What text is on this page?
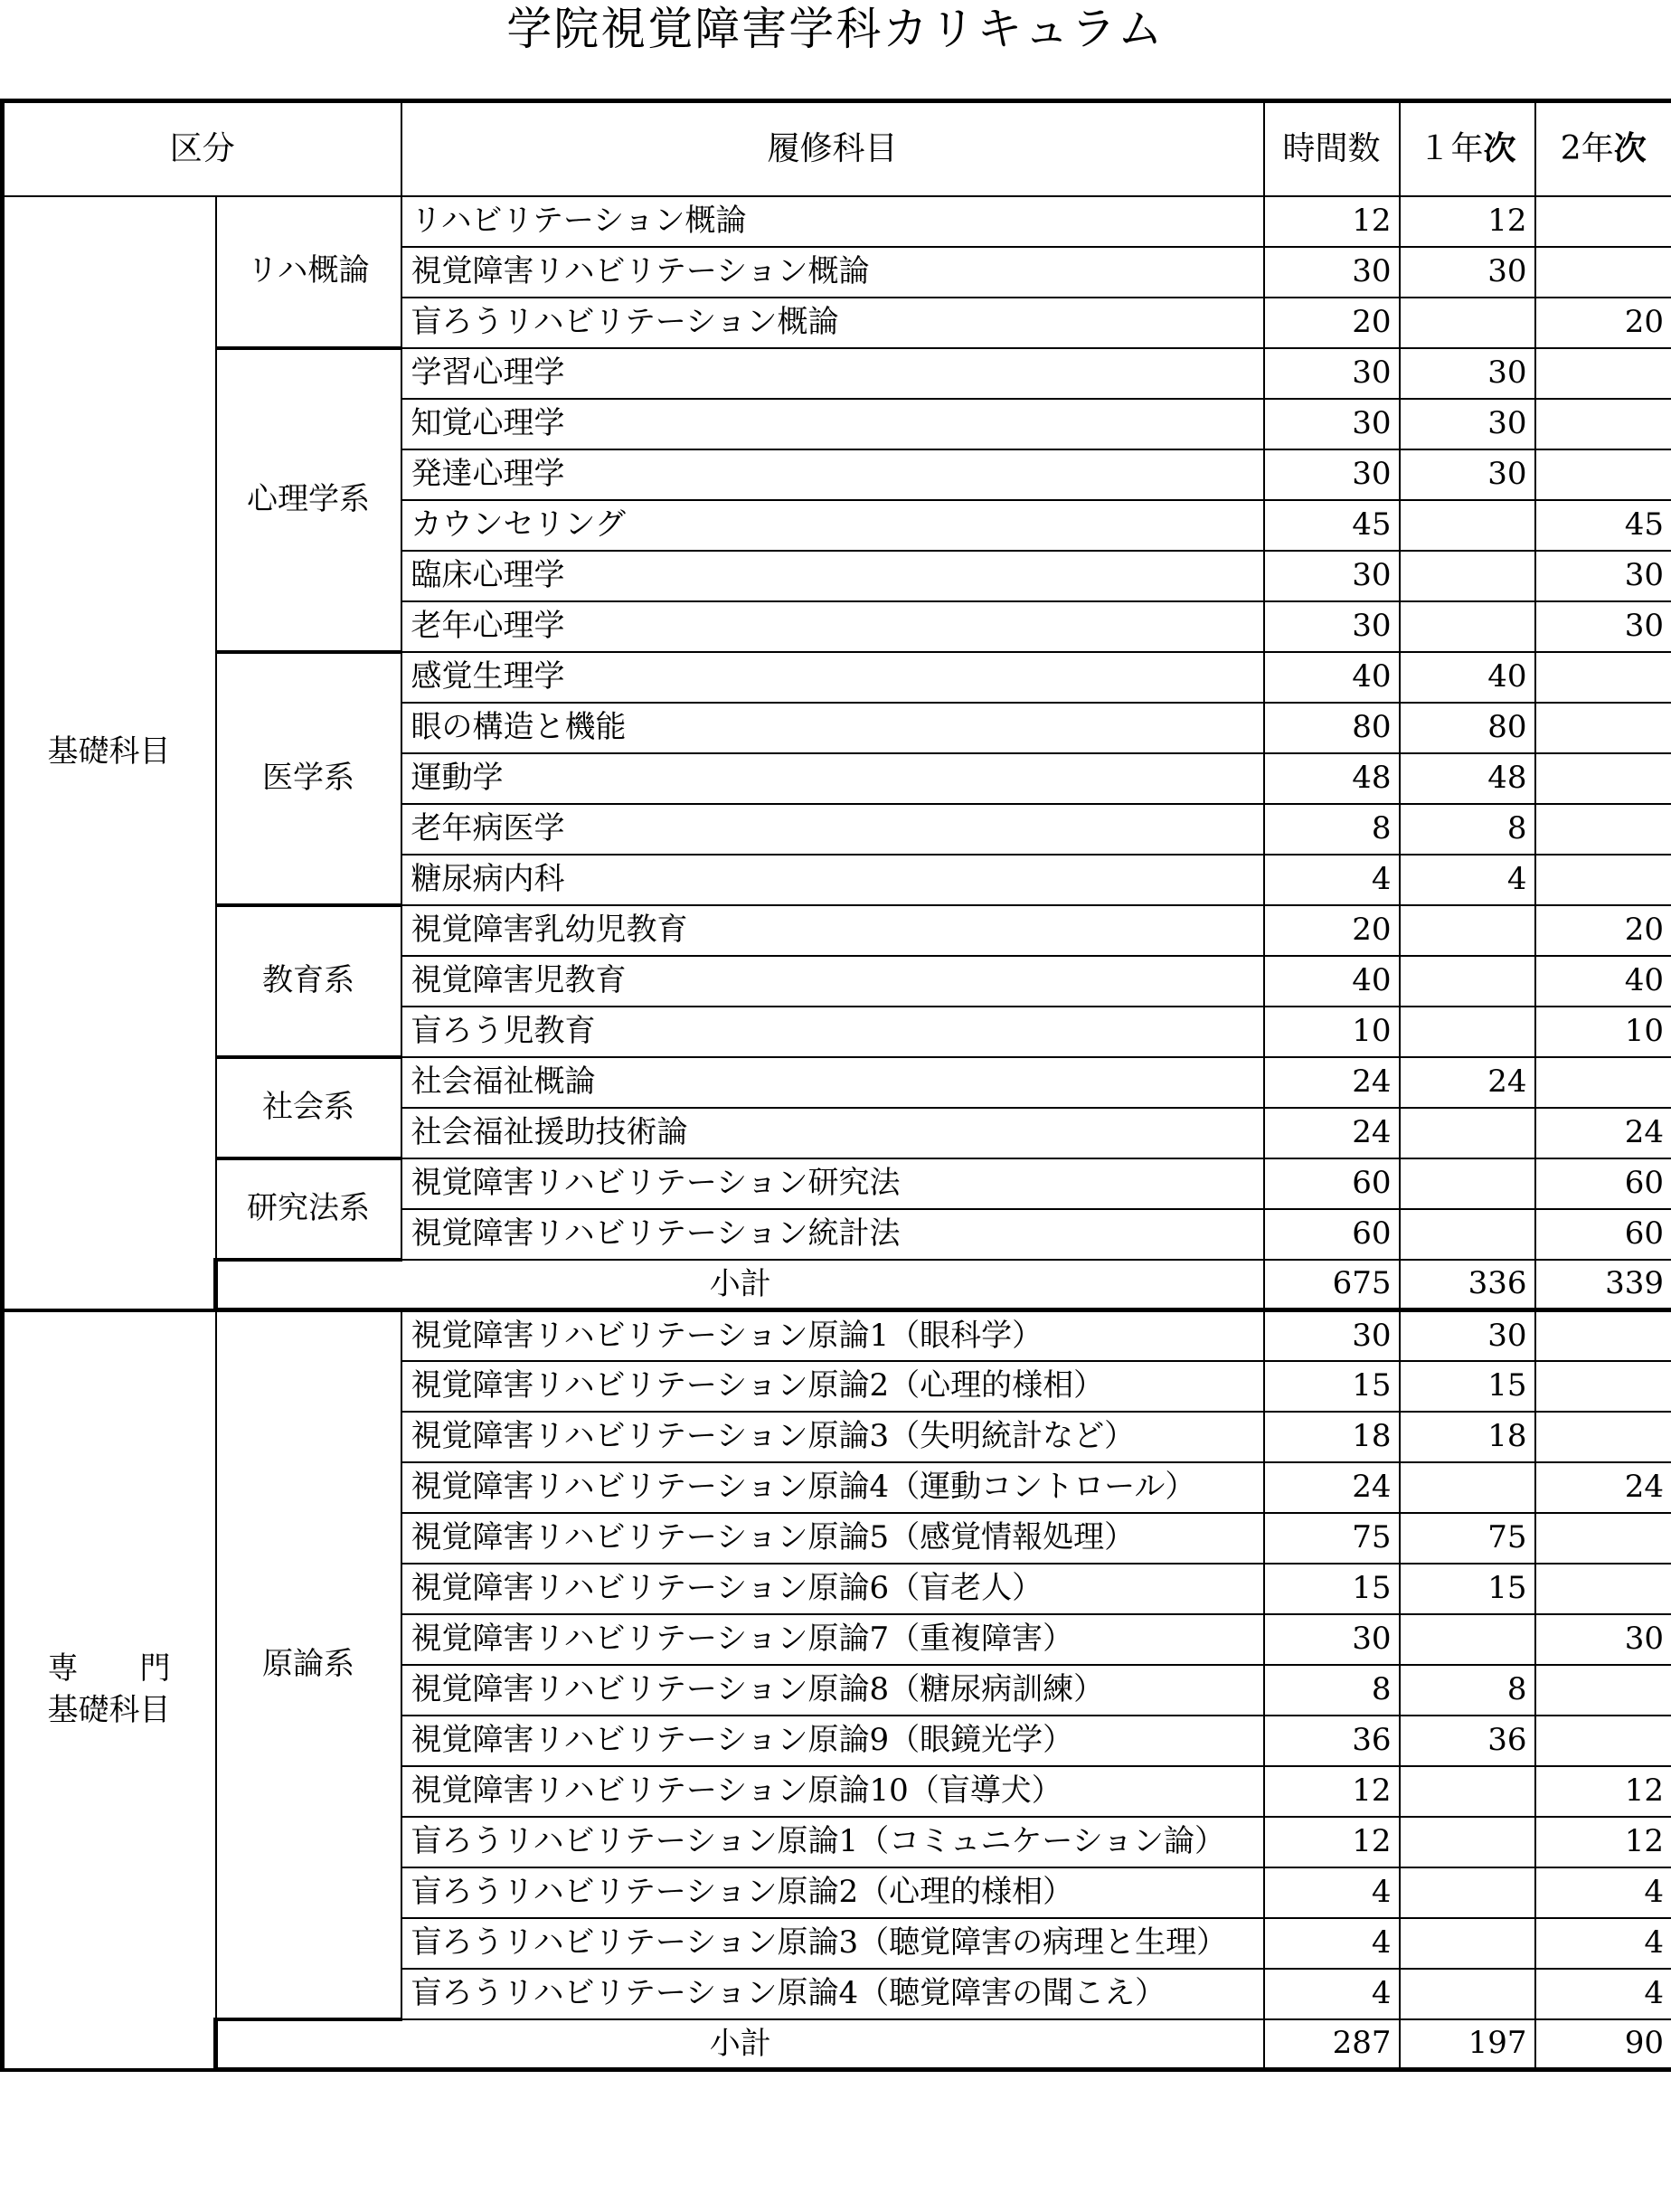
学院視覚障害学科カリキュラム
区分		履修科目	時間数	１年次	2年次
基礎科目	リハ概論	リハビリテーション概論	12	12	
		視覚障害リハビリテーション概論	30	30	
		盲ろうリハビリテーション概論	20		20
	心理学系	学習心理学	30	30	
		知覚心理学	30	30	
		発達心理学	30	30	
		カウンセリング	45		45
		臨床心理学	30		30
		老年心理学	30		30
	医学系	感覚生理学	40	40	
		眼の構造と機能	80	80	
		運動学	48	48	
		老年病医学	8	8	
		糖尿病内科	4	4	
	教育系	視覚障害乳幼児教育	20		20
		視覚障害児教育	40		40
		盲ろう児教育	10		10
	社会系	社会福祉概論	24	24	
		社会福祉援助技術論	24		24
	研究法系	視覚障害リハビリテーション研究法	60		60
		視覚障害リハビリテーション統計法	60		60
	小計		675	336	339
専　　門
基礎科目	原論系	視覚障害リハビリテーション原論1（眼科学）	30	30	
		視覚障害リハビリテーション原論2（心理的様相）	15	15	
		視覚障害リハビリテーション原論3（失明統計など）	18	18	
		視覚障害リハビリテーション原論4（運動コントロール）	24		24
		視覚障害リハビリテーション原論5（感覚情報処理）	75	75	
		視覚障害リハビリテーション原論6（盲老人）	15	15	
		視覚障害リハビリテーション原論7（重複障害）	30		30
		視覚障害リハビリテーション原論8（糖尿病訓練）	8	8	
		視覚障害リハビリテーション原論9（眼鏡光学）	36	36	
		視覚障害リハビリテーション原論10（盲導犬）	12		12
		盲ろうリハビリテーション原論1（コミュニケーション論）	12		12
		盲ろうリハビリテーション原論2（心理的様相）	4		4
		盲ろうリハビリテーション原論3（聴覚障害の病理と生理）	4		4
		盲ろうリハビリテーション原論4（聴覚障害の聞こえ）	4		4
	小計		287	197	90
